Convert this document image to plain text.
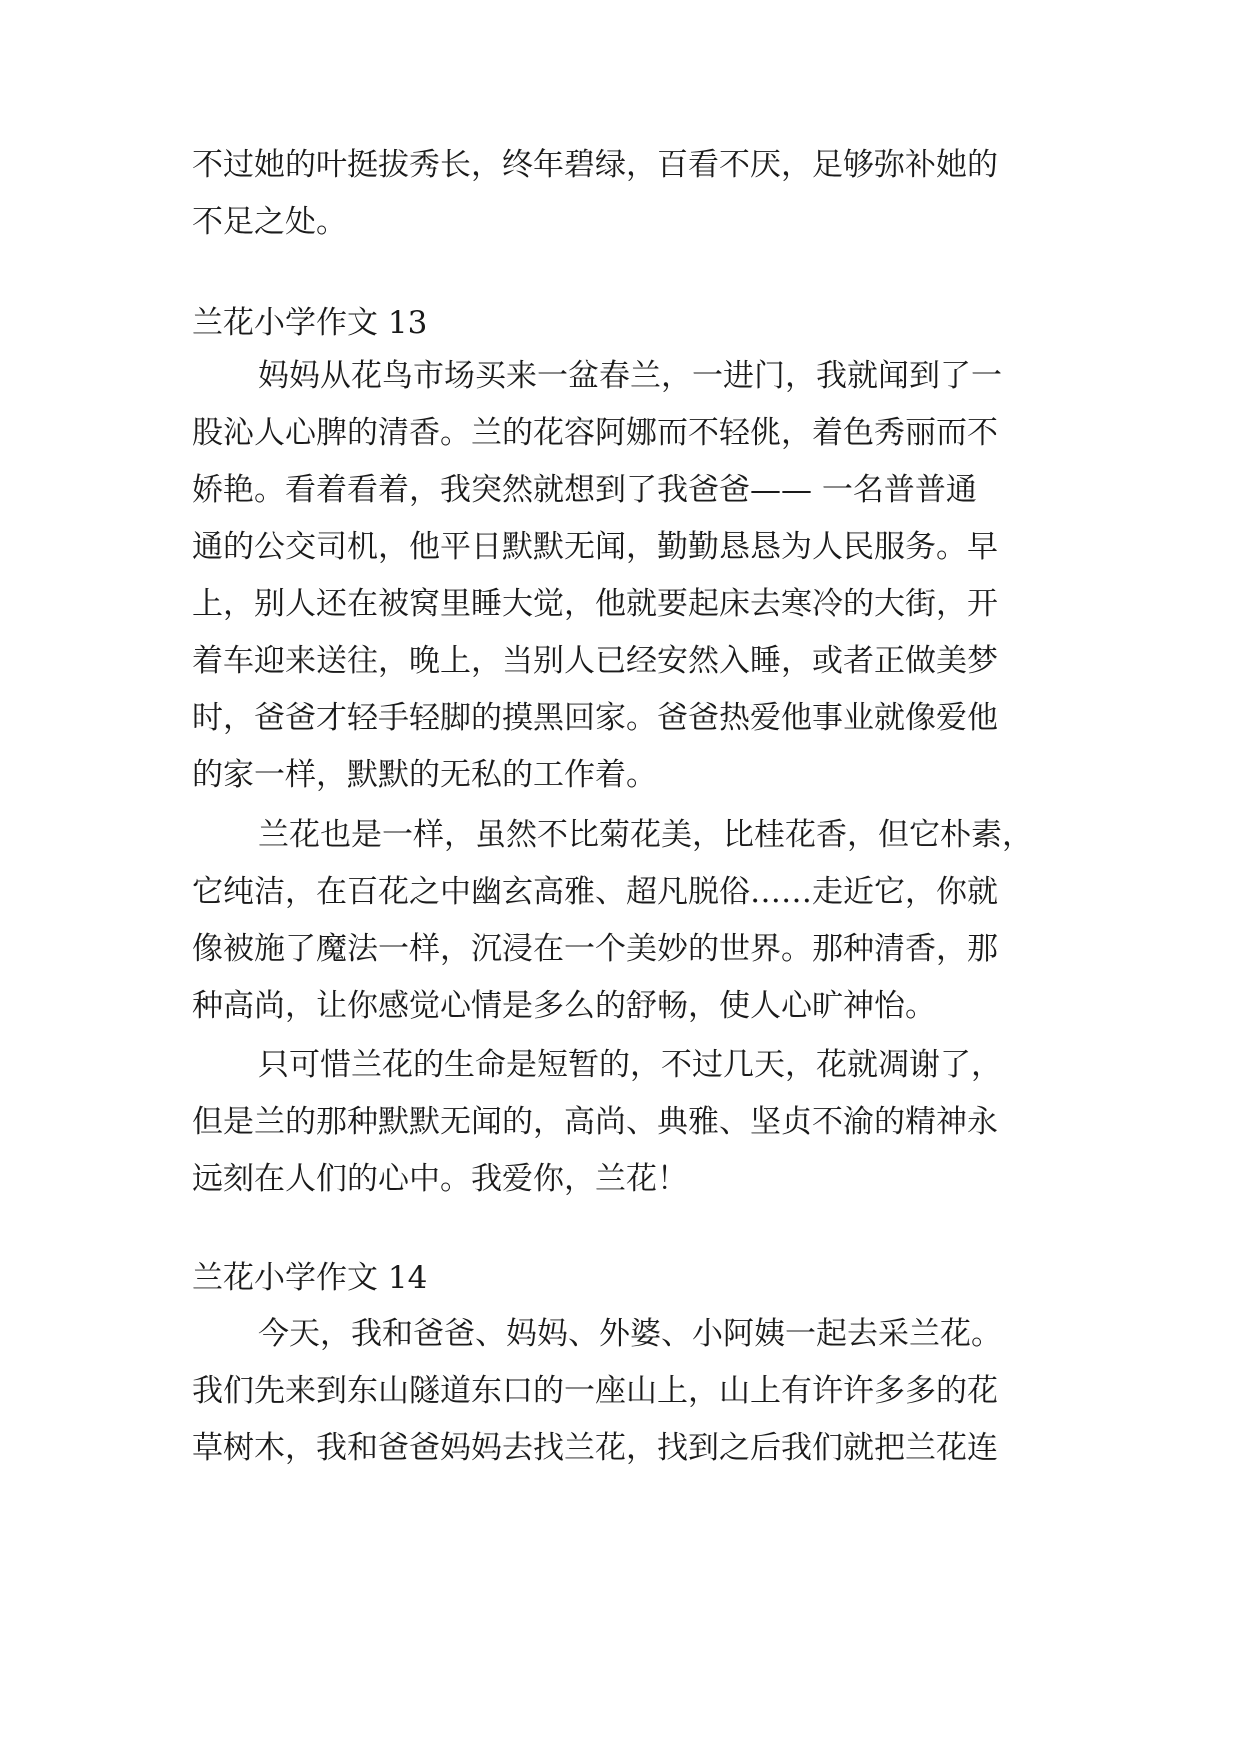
不过她的叶挺拔秀长，终年碧绿，百看不厌，足够弥补她的
不足之处。
兰花小学作文 13
妈妈从花鸟市场买来一盆春兰，一进门，我就闻到了一
股沁人心脾的清香。兰的花容阿娜而不轻佻，着色秀丽而不
娇艳。看着看着，我突然就想到了我爸爸—— 一名普普通
通的公交司机，他平日默默无闻，勤勤恳恳为人民服务。早
上，别人还在被窝里睡大觉，他就要起床去寒冷的大街，开
着车迎来送往，晚上，当别人已经安然入睡，或者正做美梦
时，爸爸才轻手轻脚的摸黑回家。爸爸热爱他事业就像爱他
的家一样，默默的无私的工作着。
兰花也是一样，虽然不比菊花美，比桂花香，但它朴素，
它纯洁，在百花之中幽玄高雅、超凡脱俗……走近它，你就
像被施了魔法一样，沉浸在一个美妙的世界。那种清香，那
种高尚，让你感觉心情是多么的舒畅，使人心旷神怡。
只可惜兰花的生命是短暂的，不过几天，花就凋谢了，
但是兰的那种默默无闻的，高尚、典雅、坚贞不渝的精神永
远刻在人们的心中。我爱你，兰花！
兰花小学作文 14
今天，我和爸爸、妈妈、外婆、小阿姨一起去采兰花。
我们先来到东山隧道东口的一座山上，山上有许许多多的花
草树木，我和爸爸妈妈去找兰花，找到之后我们就把兰花连
